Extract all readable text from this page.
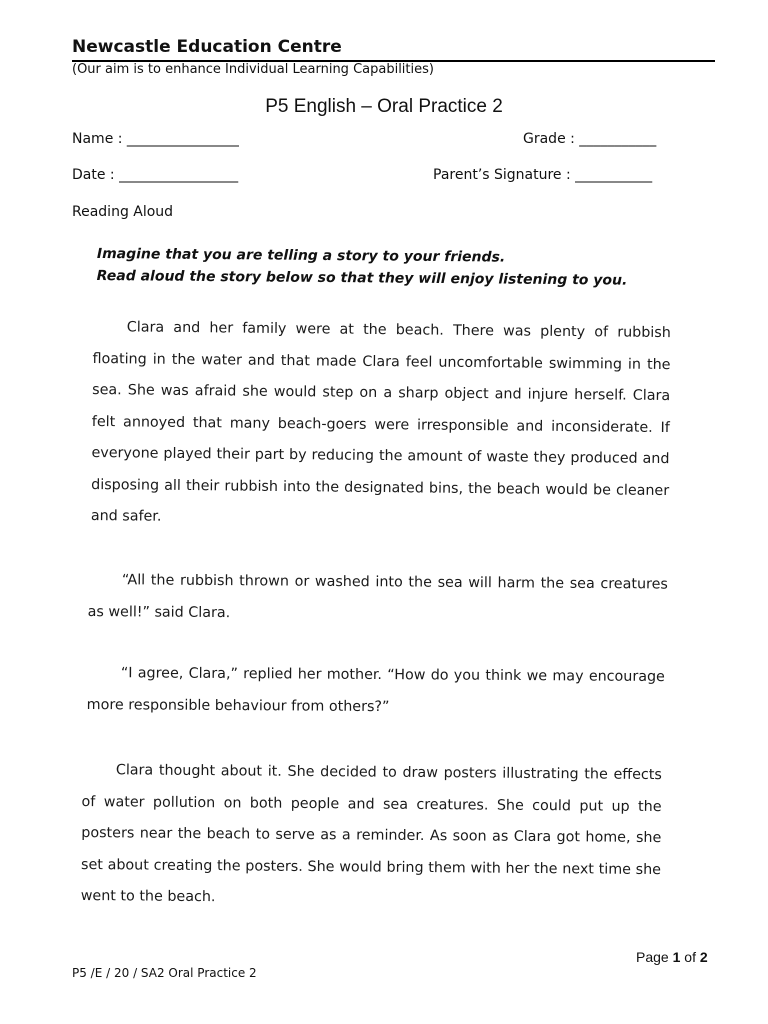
Newcastle Education Centre
(Our aim is to enhance Individual Learning Capabilities)
P5 English – Oral Practice 2
Name : ________________	Grade : ___________
Date : _________________	Parent’s Signature : ___________
Reading Aloud
Imagine that you are telling a story to your friends.
Read aloud the story below so that they will enjoy listening to you.

Clara and her family were at the beach. There was plenty of rubbish floating in the water and that made Clara feel uncomfortable swimming in the sea. She was afraid she would step on a sharp object and injure herself. Clara felt annoyed that many beach-goers were irresponsible and inconsiderate. If everyone played their part by reducing the amount of waste they produced and disposing all their rubbish into the designated bins, the beach would be cleaner and safer.

“All the rubbish thrown or washed into the sea will harm the sea creatures as well!” said Clara.

“I agree, Clara,” replied her mother. “How do you think we may encourage more responsible behaviour from others?”

Clara thought about it. She decided to draw posters illustrating the effects of water pollution on both people and sea creatures. She could put up the posters near the beach to serve as a reminder. As soon as Clara got home, she set about creating the posters. She would bring them with her the next time she went to the beach.

Page 1 of 2
P5 /E / 20 / SA2 Oral Practice 2
